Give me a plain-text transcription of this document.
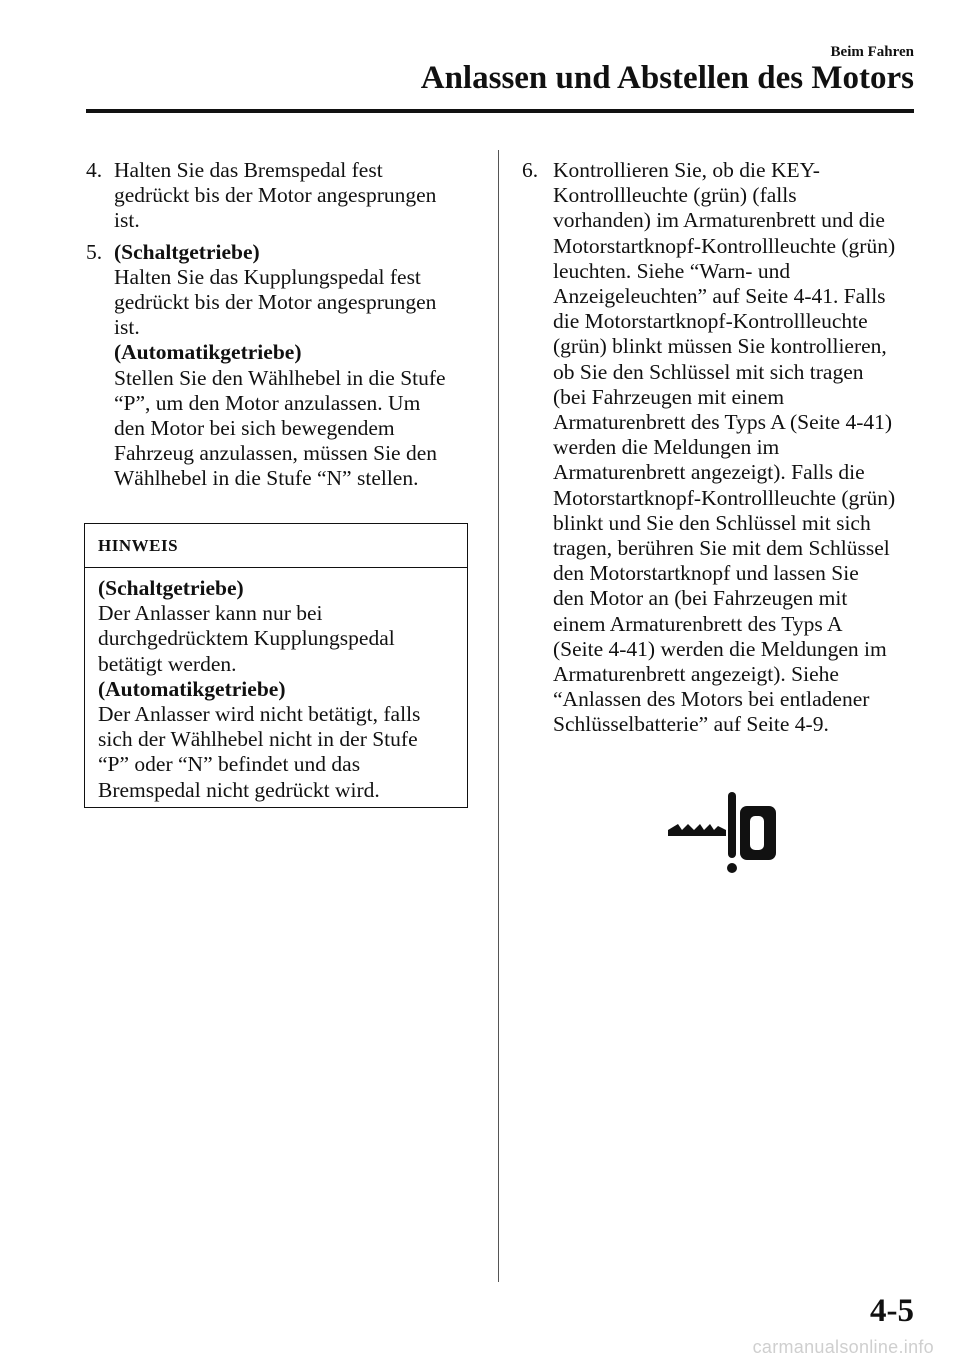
Beim Fahren
Anlassen und Abstellen des Motors
4. Halten Sie das Bremspedal fest
gedrückt bis der Motor angesprungen
ist.
5. (Schaltgetriebe)
Halten Sie das Kupplungspedal fest
gedrückt bis der Motor angesprungen
ist.
(Automatikgetriebe)
Stellen Sie den Wählhebel in die Stufe
“P”, um den Motor anzulassen. Um
den Motor bei sich bewegendem
Fahrzeug anzulassen, müssen Sie den
Wählhebel in die Stufe “N” stellen.
HINWEIS
(Schaltgetriebe)
Der Anlasser kann nur bei
durchgedrücktem Kupplungspedal
betätigt werden.
(Automatikgetriebe)
Der Anlasser wird nicht betätigt, falls
sich der Wählhebel nicht in der Stufe
“P” oder “N” befindet und das
Bremspedal nicht gedrückt wird.
6. Kontrollieren Sie, ob die KEY-
Kontrollleuchte (grün) (falls
vorhanden) im Armaturenbrett und die
Motorstartknopf-Kontrollleuchte (grün)
leuchten. Siehe “Warn- und
Anzeigeleuchten” auf Seite 4-41. Falls
die Motorstartknopf-Kontrollleuchte
(grün) blinkt müssen Sie kontrollieren,
ob Sie den Schlüssel mit sich tragen
(bei Fahrzeugen mit einem
Armaturenbrett des Typs A (Seite 4-41)
werden die Meldungen im
Armaturenbrett angezeigt). Falls die
Motorstartknopf-Kontrollleuchte (grün)
blinkt und Sie den Schlüssel mit sich
tragen, berühren Sie mit dem Schlüssel
den Motorstartknopf und lassen Sie
den Motor an (bei Fahrzeugen mit
einem Armaturenbrett des Typs A
(Seite 4-41) werden die Meldungen im
Armaturenbrett angezeigt). Siehe
“Anlassen des Motors bei entladener
Schlüsselbatterie” auf Seite 4-9.
4-5
carmanualsonline.info
